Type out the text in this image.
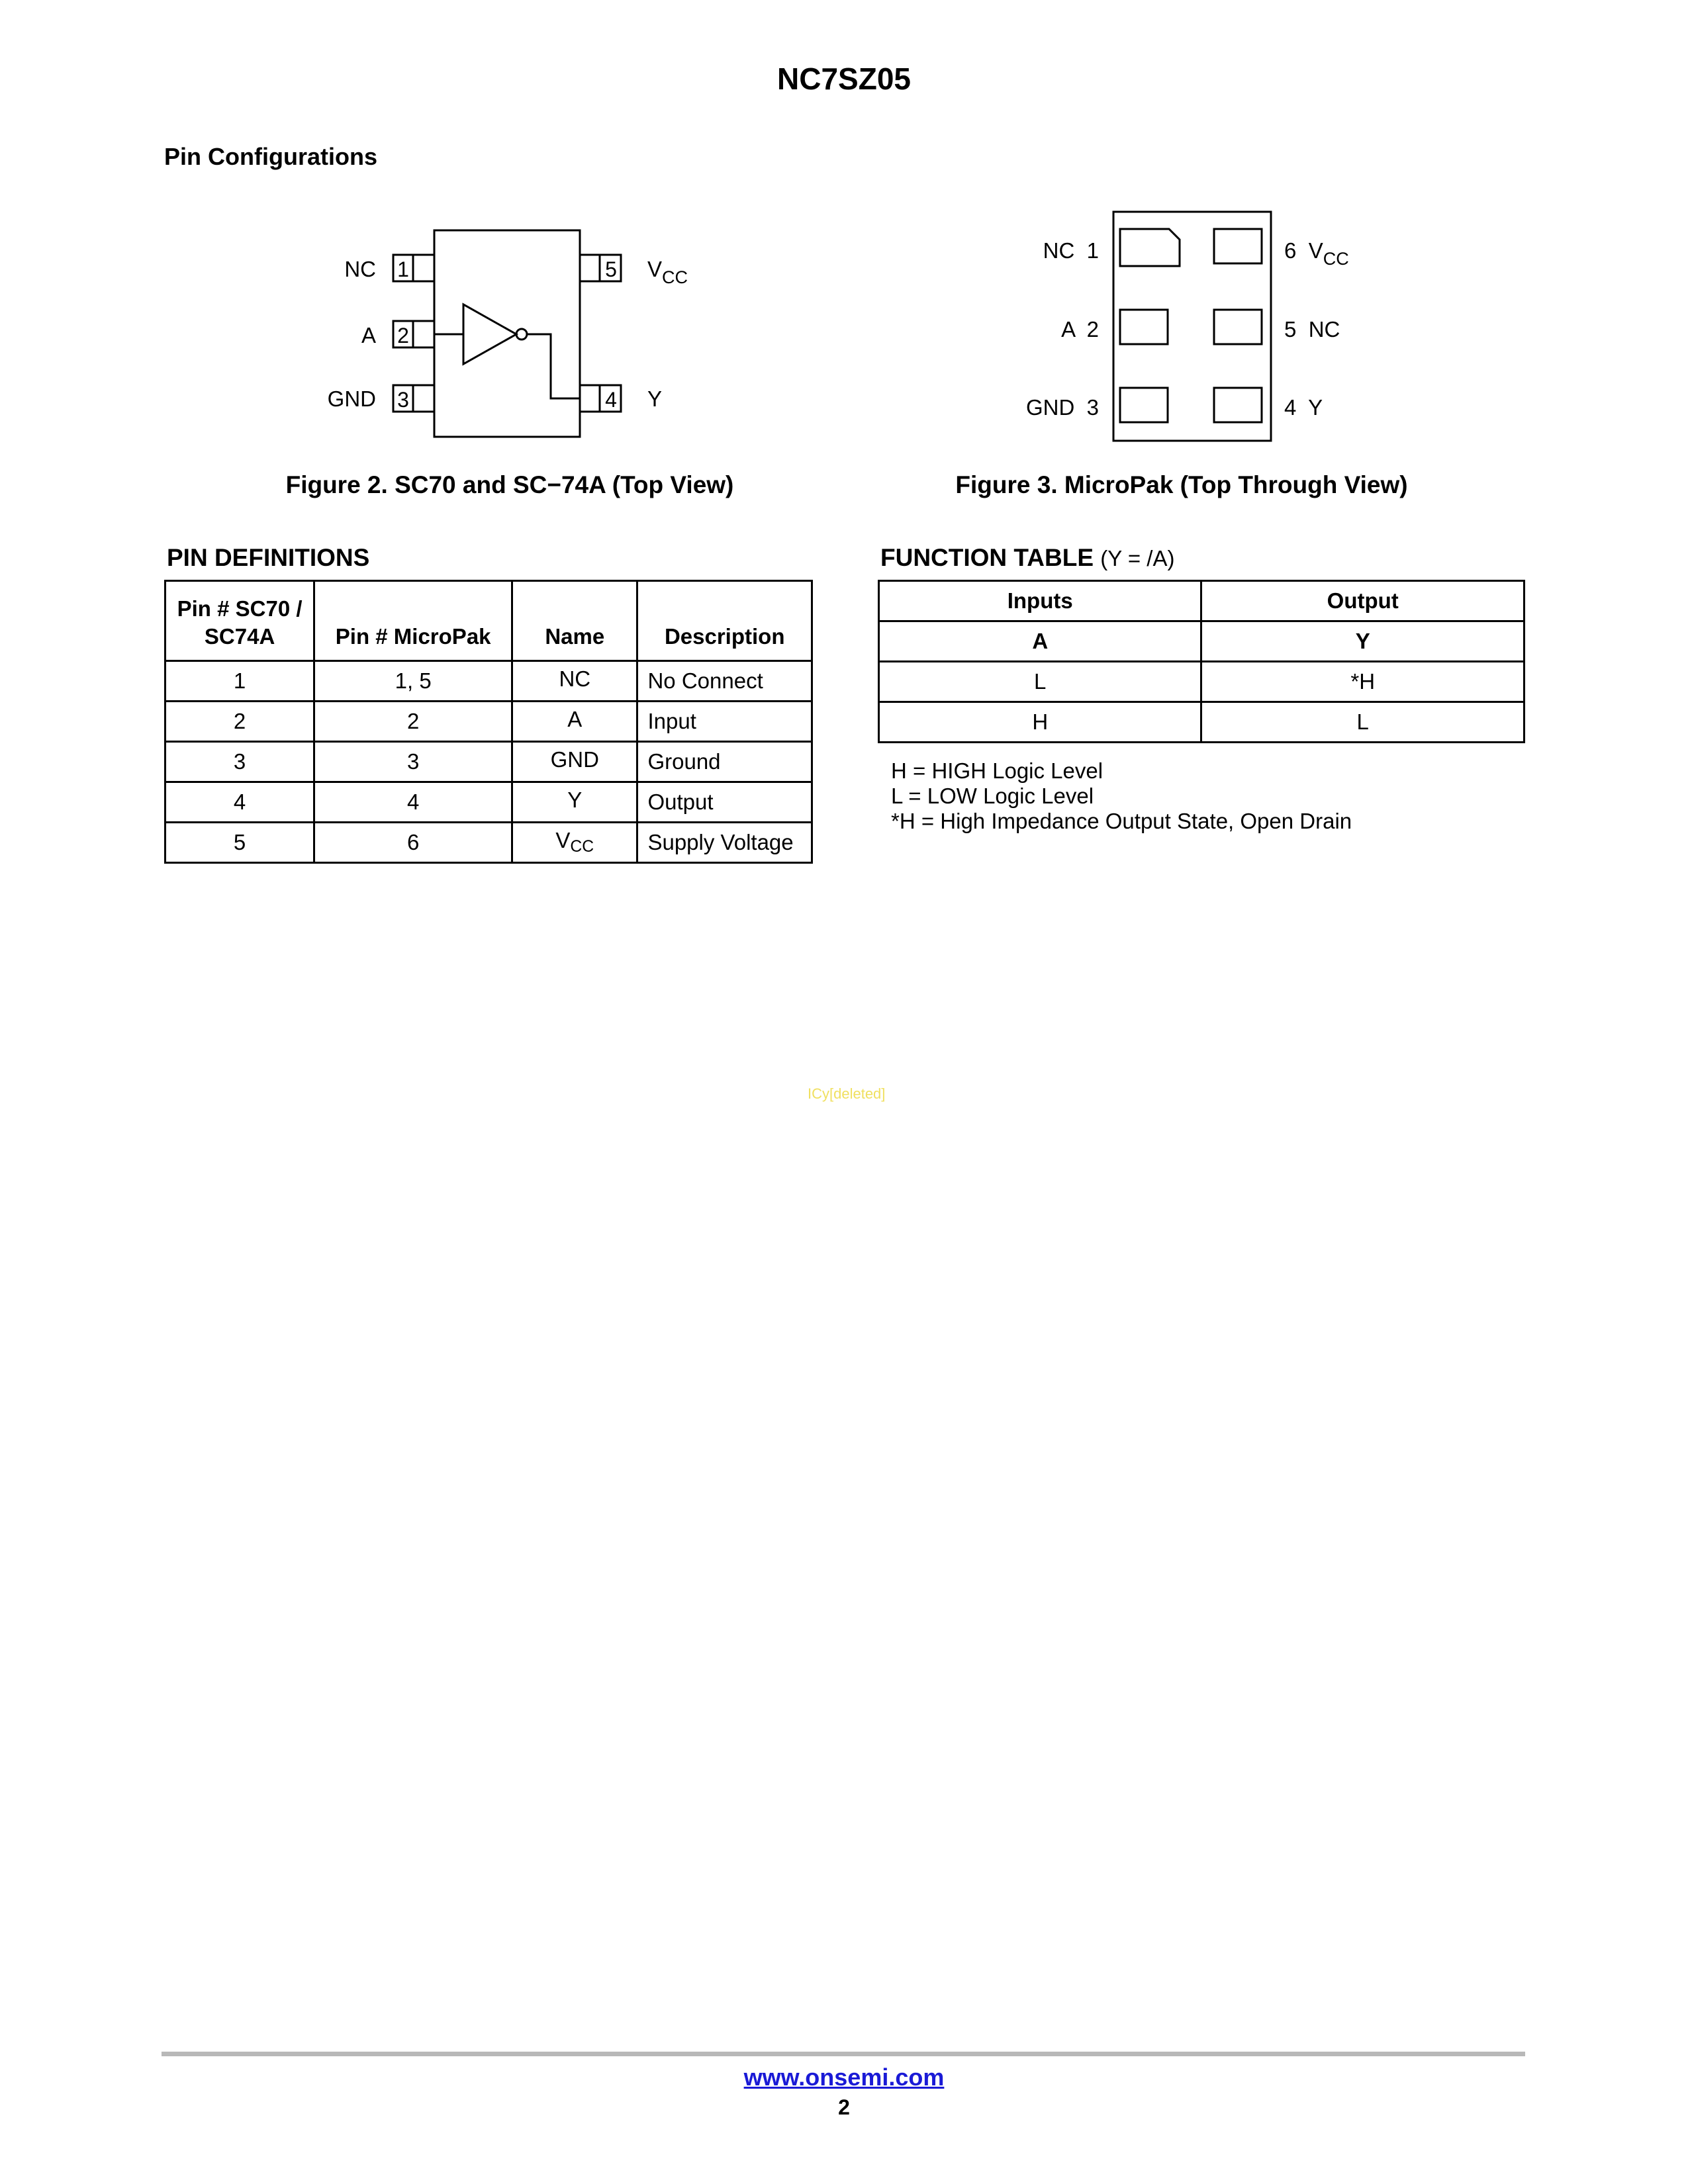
NC7SZ05
Pin Configurations
1
2
3	4
5
NC
A
GND	Y
$V_{CC}$
Figure 2. SC70 and SC−74A (Top View)
NC  1
A  2
GND  3
6  $V_{CC}$
5  NC
4  Y
Figure 3. MicroPak (Top Through View)
PIN DEFINITIONS
Pin # SC70 / SC74A	Pin # MicroPak	Name	Description
1	1, 5	NC	No Connect
2	2	A	Input
3	3	GND	Ground
4	4	Y	Output
5	6	$V_{CC}$	Supply Voltage
FUNCTION TABLE (Y = /A)
Inputs	Output
A	Y
L	*H
H	L
H = HIGH Logic Level
L = LOW Logic Level
*H = High Impedance Output State, Open Drain
ICy[deleted]
www.onsemi.com
2
